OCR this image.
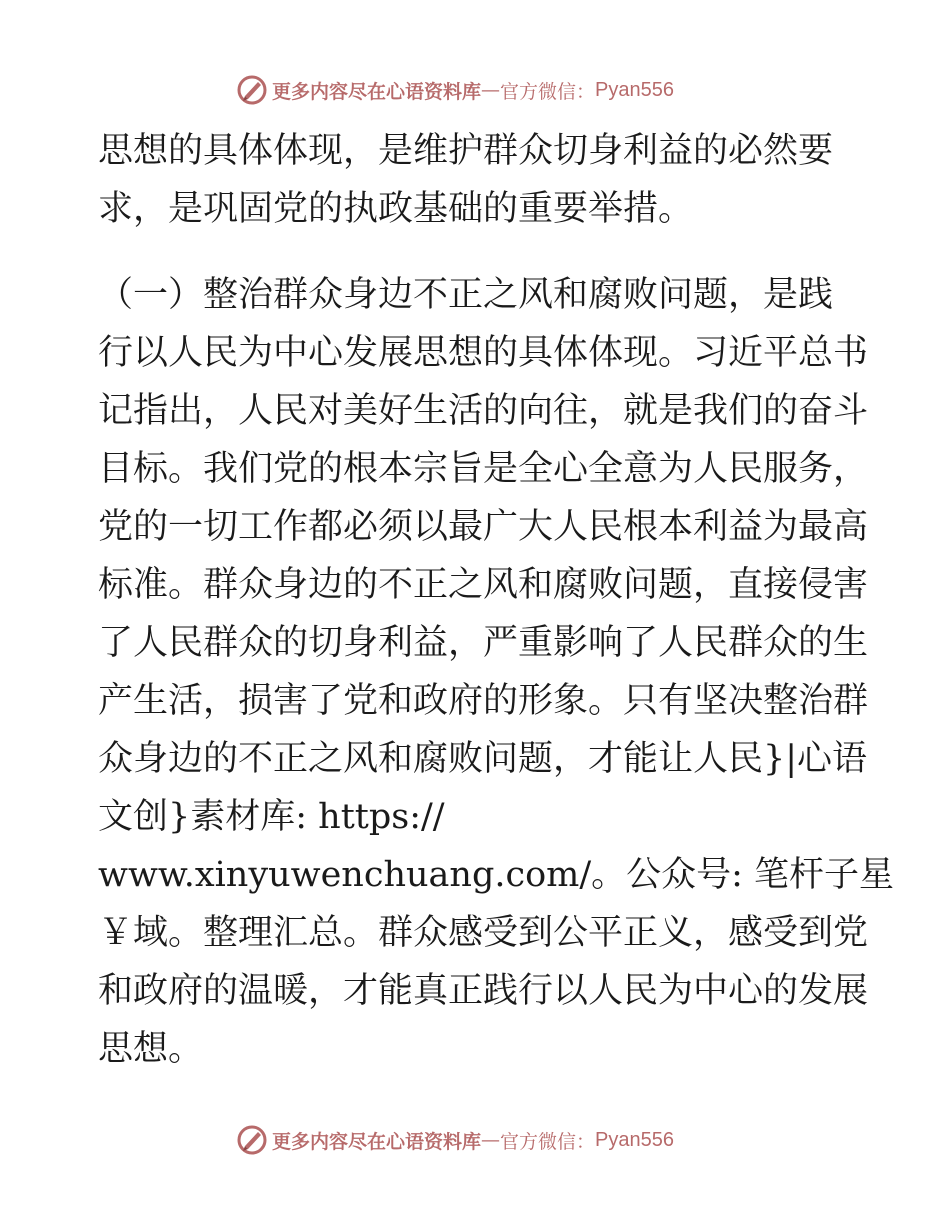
更多内容尽在心语资料库 — 官方微信： Pyan556
思想的具体体现，是维护群众切身利益的必然要
求，是巩固党的执政基础的重要举措。
（一）整治群众身边不正之风和腐败问题，是践
行以人民为中心发展思想的具体体现。习近平总书
记指出，人民对美好生活的向往，就是我们的奋斗
目标。我们党的根本宗旨是全心全意为人民服务，
党的一切工作都必须以最广大人民根本利益为最高
标准。群众身边的不正之风和腐败问题，直接侵害
了人民群众的切身利益，严重影响了人民群众的生
产生活，损害了党和政府的形象。只有坚决整治群
众身边的不正之风和腐败问题，才能让人民}|心语
文创}素材库: https://
www.xinyuwenchuang.com/。公众号: 笔杆子星
￥域。整理汇总。群众感受到公平正义，感受到党
和政府的温暖，才能真正践行以人民为中心的发展
思想。
更多内容尽在心语资料库 — 官方微信： Pyan556
